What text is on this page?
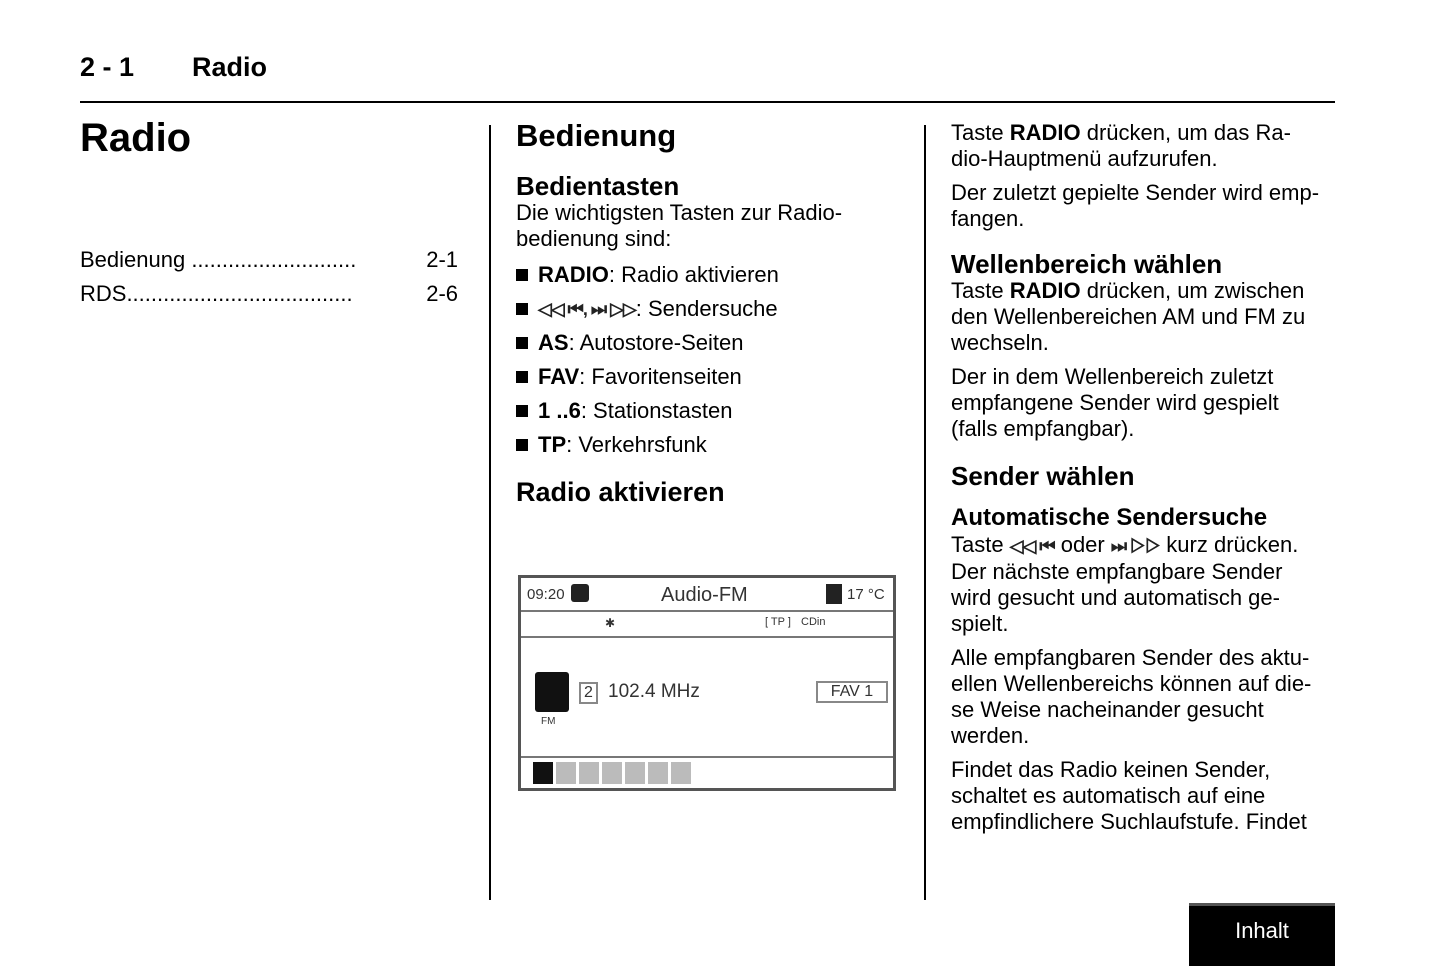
2 - 1 Radio
Radio
Bedienung ...........................	2-1
RDS.....................................	2-6
Bedienung
Bedientasten
Die wichtigsten Tasten zur Radio-
bedienung sind:
RADIO : Radio aktivieren
◁◁ ⏮, ⏭ ▷▷ : Sendersuche
AS : Autostore-Seiten
FAV : Favoritenseiten
1 ..6 : Stationstasten
TP : Verkehrsfunk
Radio aktivieren
09:20	Audio-FM	17 °C
✱	[ TP ] CDin
FM
2 102.4 MHz	FAV 1
Taste RADIO drücken, um das Ra-
dio-Hauptmenü aufzurufen.
Der zuletzt gepielte Sender wird emp-
fangen.
Wellenbereich wählen
Taste RADIO drücken, um zwischen
den Wellenbereichen AM und FM zu
wechseln.
Der in dem Wellenbereich zuletzt
empfangene Sender wird gespielt
(falls empfangbar).
Sender wählen
Automatische Sendersuche
Taste ◁◁ ⏮ oder ⏭ ▷▷ kurz drücken.
Der nächste empfangbare Sender
wird gesucht und automatisch ge-
spielt.
Alle empfangbaren Sender des aktu-
ellen Wellenbereichs können auf die-
se Weise nacheinander gesucht
werden.
Findet das Radio keinen Sender,
schaltet es automatisch auf eine
empfindlichere Suchlaufstufe. Findet
Inhalt
